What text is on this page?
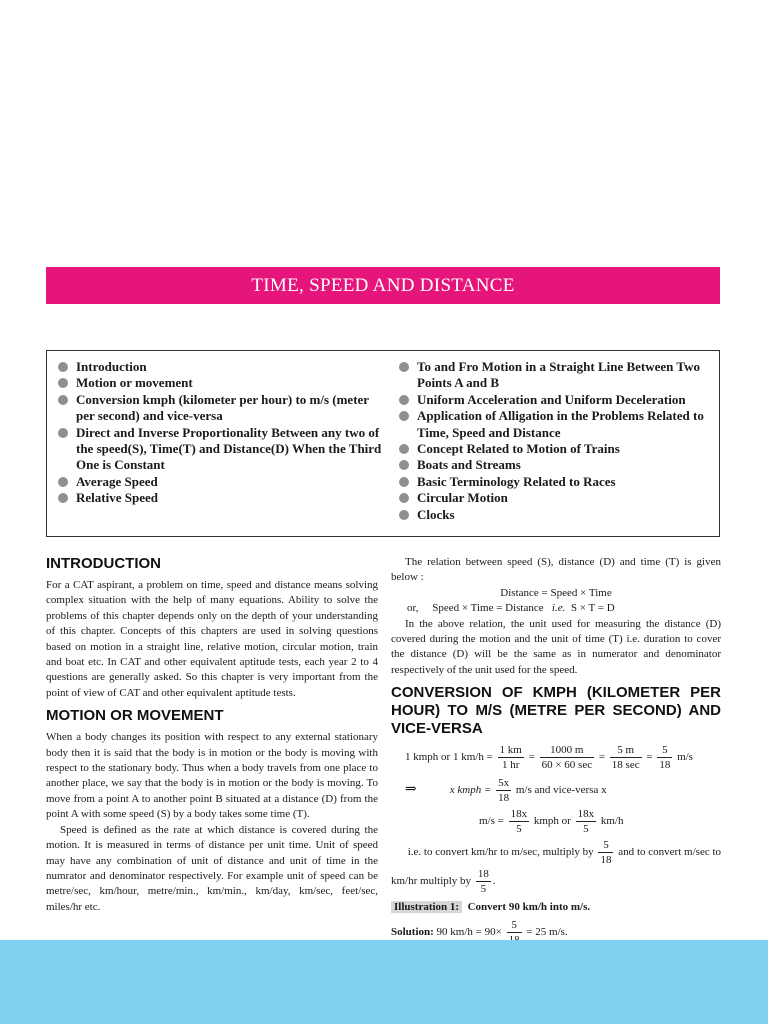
TIME, SPEED AND DISTANCE
Introduction
Motion or movement
Conversion kmph (kilometer per hour) to m/s (meter per second) and vice-versa
Direct and Inverse Proportionality Between any two of the speed(S), Time(T) and Distance(D) When the Third One is Constant
Average Speed
Relative Speed
To and Fro Motion in a Straight Line Between Two Points A and B
Uniform Acceleration and Uniform Deceleration
Application of Alligation in the Problems Related to Time, Speed and Distance
Concept Related to Motion of Trains
Boats and Streams
Basic Terminology Related to Races
Circular Motion
Clocks
INTRODUCTION

For a CAT aspirant, a problem on time, speed and distance means solving complex situation with the help of many equations. Ability to solve the problems of this chapter depends only on the depth of your understanding of this chapter. Concepts of this chapters are used in solving questions based on motion in a straight line, relative motion, circular motion, train and boat etc. In CAT and other equivalent aptitude tests, each year 2 to 4 questions are generally asked. So this chapter is very important from the point of view of CAT and other equivalent aptitude tests.

MOTION OR MOVEMENT

When a body changes its position with respect to any external stationary body then it is said that the body is in motion or the body is moving with respect to the stationary body. Thus when a body travels from one place to another place, we say that the body is in motion or the body is moving. To move from a point A to another point B situated at a distance (D) from the point A with some speed (S) by a body takes some time (T).

Speed is defined as the rate at which distance is covered during the motion. It is measured in terms of distance per unit time. Unit of speed may have any combination of unit of distance and unit of time in the numrator and denominator respectively. For example unit of speed can be metre/sec, km/hour, metre/min., km/min., km/day, km/sec, feet/sec, miles/hr etc.

The relation between speed (S), distance (D) and time (T) is given below :

Distance = Speed × Time

or, Speed × Time = Distance i.e. S × T = D

In the above relation, the unit used for measuring the distance (D) covered during the motion and the unit of time (T) i.e. duration to cover the distance (D) will be the same as in numerator and denominator respectively of the unit used for the speed.

CONVERSION OF KMPH (KILOMETER PER HOUR) TO M/S (METRE PER SECOND) AND VICE-VERSA
1 kmph or 1 $km/h = \frac{1 km}{1 hr} = \frac{1000 m}{60 \times 60 \sec} = \frac{5 m}{18 \sec} = \frac{5}{18} m/s$
⇒	x kmph = $\frac{5x}{18} m/s$ and vice-versa x
$m/s = \frac{18x}{5}$ kmph or $\frac{18x}{5} km/h$
i.e. to convert km/hr to m/sec, multiply by $\frac{5}{18}$ and to convert m/sec to km/hr multiply by $\frac{18}{5}$ .

Illustration 1: Convert 90 km/h into m/s.

Solution: 90 km/h = 90×
5
= 25 m/s.
